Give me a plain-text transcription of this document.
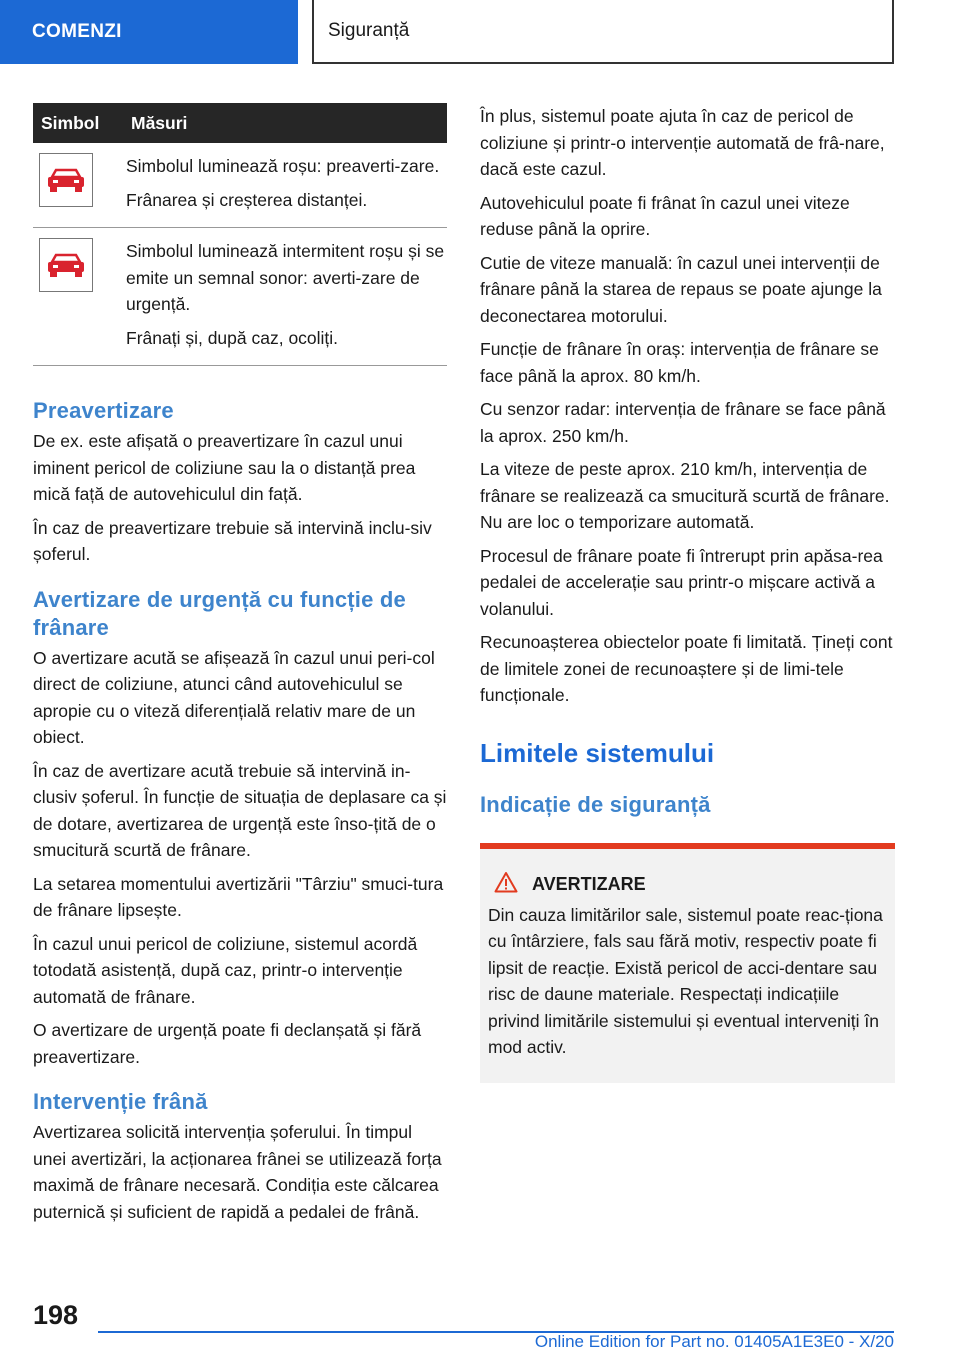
COMENZI	Siguranță
Simbol	Măsuri

Simbolul luminează roșu: preaverti-zare.

Frânarea și creșterea distanței.

Simbolul luminează intermitent roșu și se emite un semnal sonor: averti-zare de urgență.

Frânați și, după caz, ocoliți.

Preavertizare

De ex. este afișată o preavertizare în cazul unui iminent pericol de coliziune sau la o distanță prea mică față de autovehiculul din față.

În caz de preavertizare trebuie să intervină inclu-siv șoferul.

Avertizare de urgență cu funcție de frânare

O avertizare acută se afișează în cazul unui peri-col direct de coliziune, atunci când autovehiculul se apropie cu o viteză diferențială relativ mare de un obiect.

În caz de avertizare acută trebuie să intervină in-clusiv șoferul. În funcție de situația de deplasare ca și de dotare, avertizarea de urgență este înso-țită de o smucitură scurtă de frânare.

La setarea momentului avertizării "Târziu" smuci-tura de frânare lipsește.

În cazul unui pericol de coliziune, sistemul acordă totodată asistență, după caz, printr-o intervenție automată de frânare.

O avertizare de urgență poate fi declanșată și fără preavertizare.

Intervenție frână

Avertizarea solicită intervenția șoferului. În timpul unei avertizări, la acționarea frânei se utilizează forța maximă de frânare necesară. Condiția este călcarea puternică și suficient de rapidă a pedalei de frână.

În plus, sistemul poate ajuta în caz de pericol de coliziune și printr-o intervenție automată de frâ-nare, dacă este cazul.

Autovehiculul poate fi frânat în cazul unei viteze reduse până la oprire.

Cutie de viteze manuală: în cazul unei intervenții de frânare până la starea de repaus se poate ajunge la deconectarea motorului.

Funcție de frânare în oraș: intervenția de frânare se face până la aprox. 80 km/h.

Cu senzor radar: intervenția de frânare se face până la aprox. 250 km/h.

La viteze de peste aprox. 210 km/h, intervenția de frânare se realizează ca smucitură scurtă de frânare. Nu are loc o temporizare automată.

Procesul de frânare poate fi întrerupt prin apăsa-rea pedalei de accelerație sau printr-o mișcare activă a volanului.

Recunoașterea obiectelor poate fi limitată. Țineți cont de limitele zonei de recunoaștere și de limi-tele funcționale.

Limitele sistemului
Indicație de siguranță
AVERTIZARE

Din cauza limitărilor sale, sistemul poate reac-ționa cu întârziere, fals sau fără motiv, respectiv poate fi lipsit de reacție. Există pericol de acci-dentare sau risc de daune materiale. Respectați indicațiile privind limitările sistemului și eventual interveniți în mod activ.

198
Online Edition for Part no. 01405A1E3E0 - X/20
